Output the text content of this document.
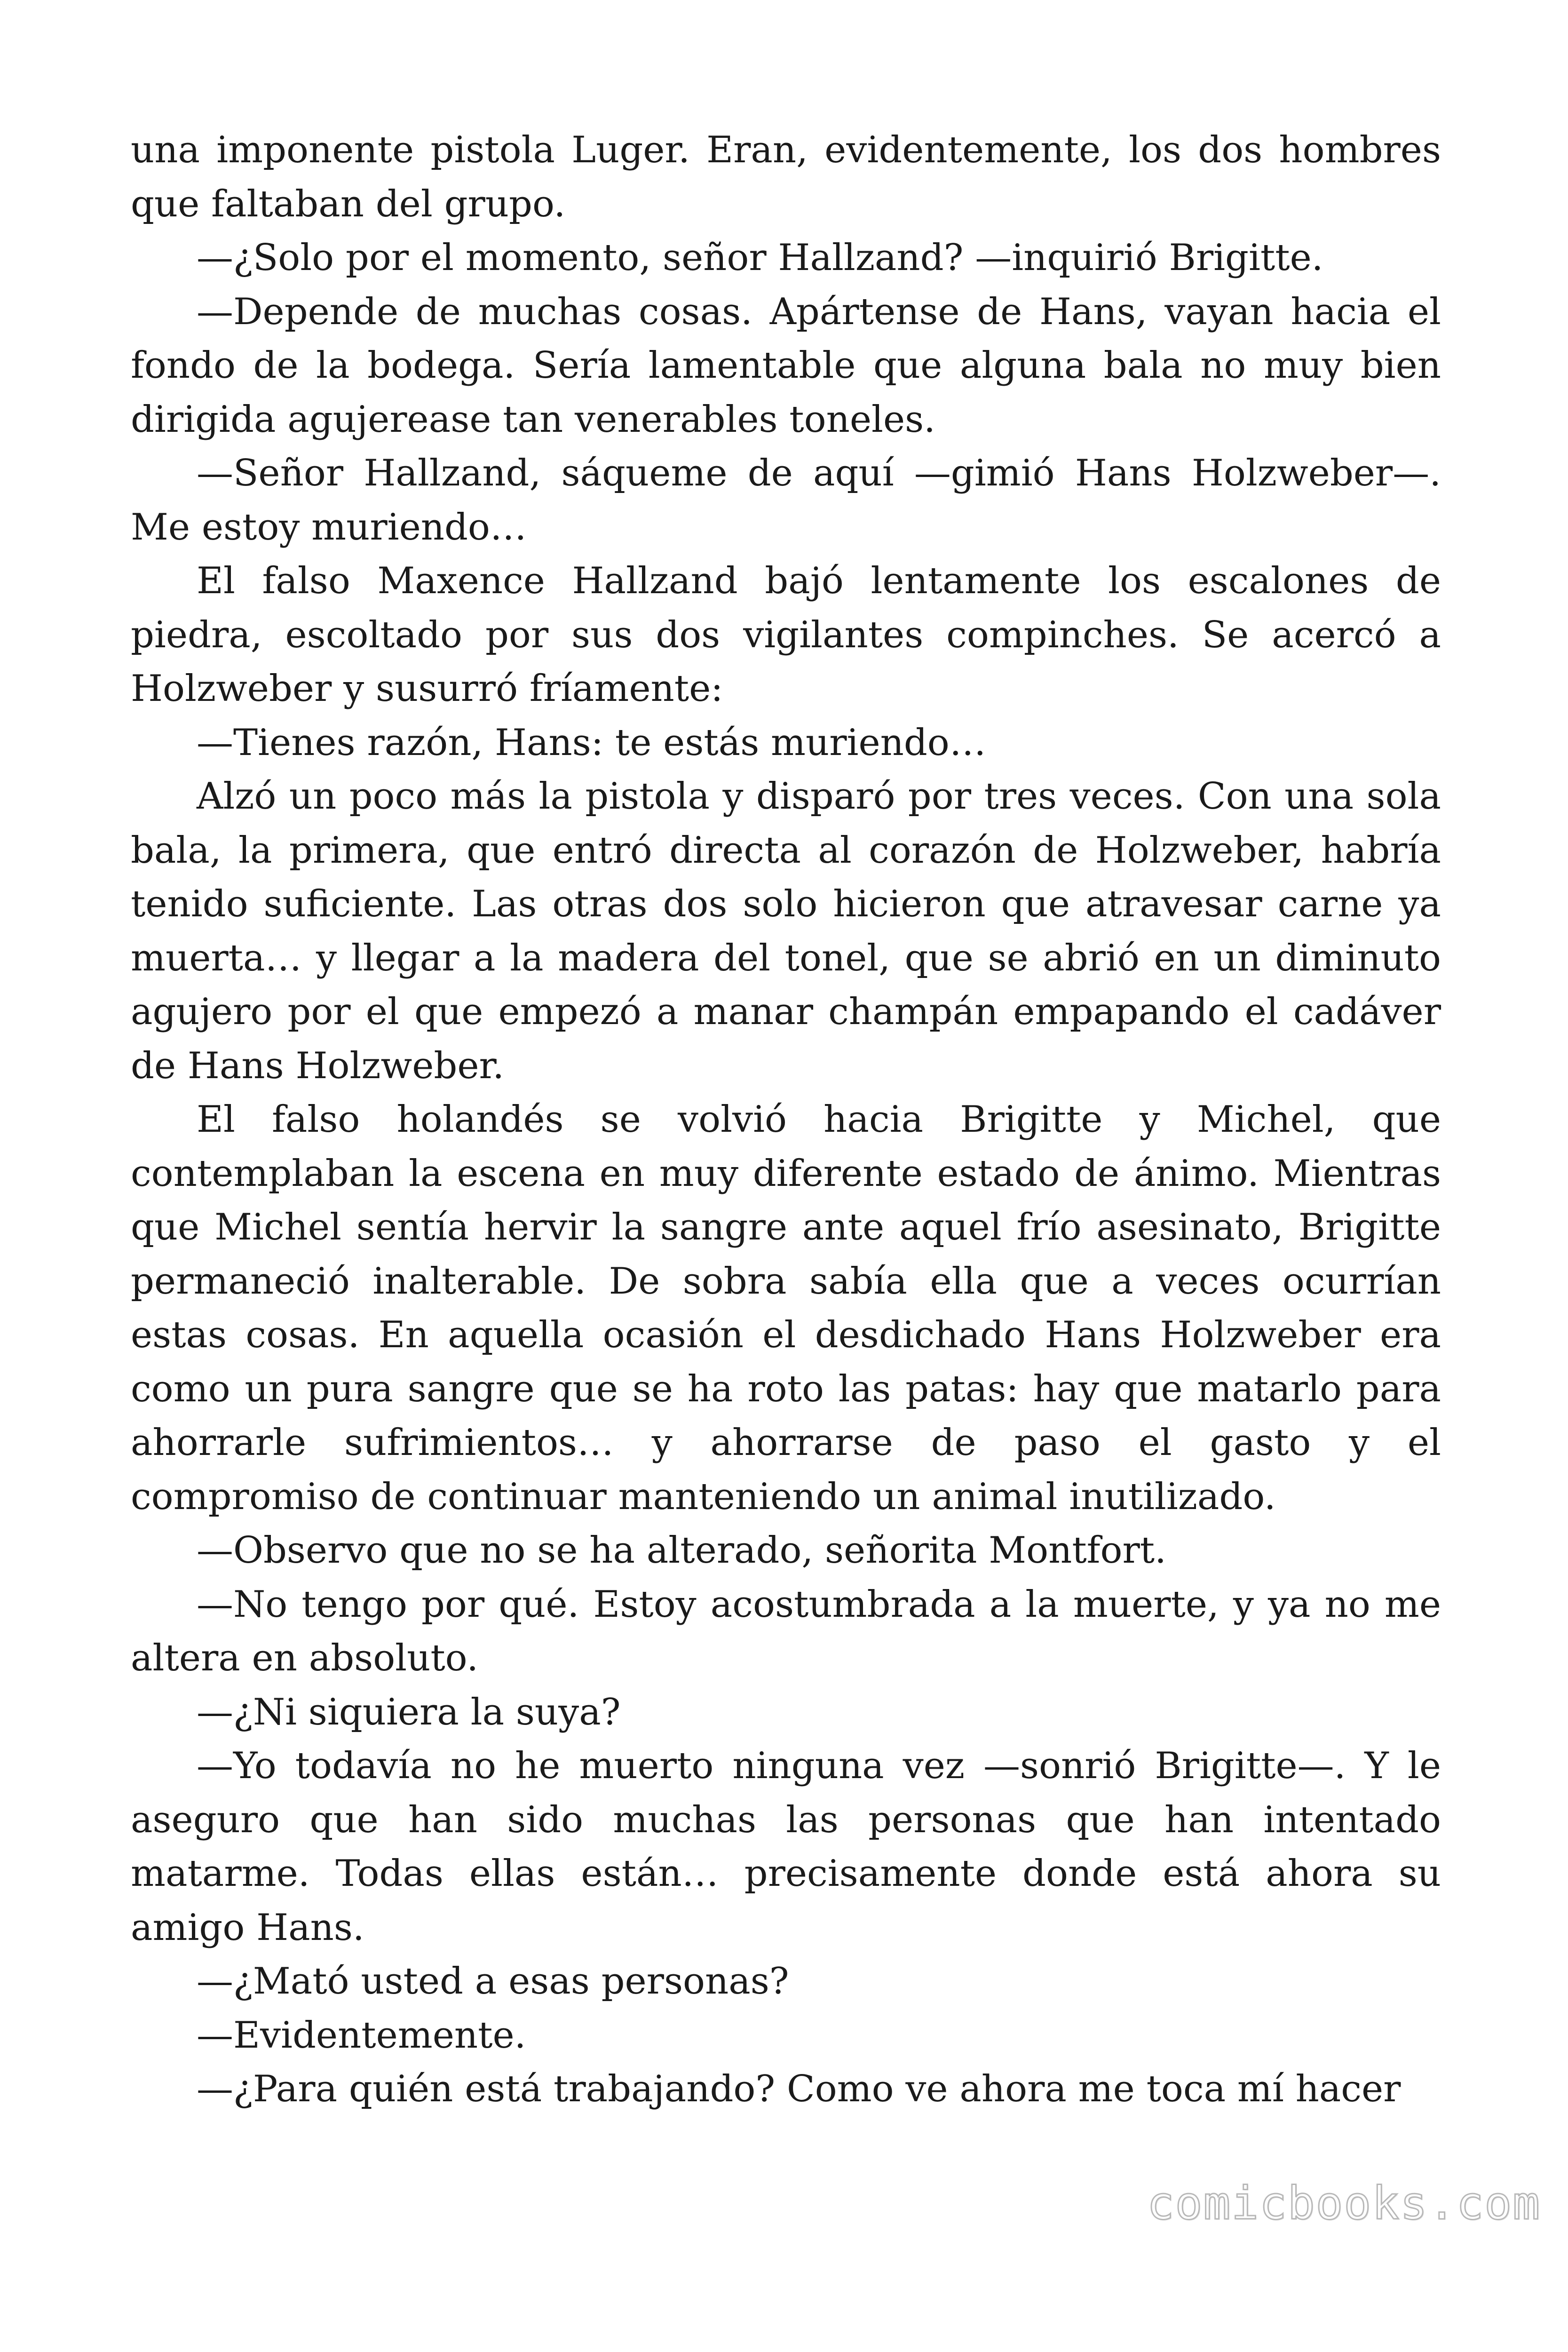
una imponente pistola Luger. Eran, evidentemente, los dos hombres que faltaban del grupo.

—¿Solo por el momento, señor Hallzand? —inquirió Brigitte.

—Depende de muchas cosas. Apártense de Hans, vayan hacia el fondo de la bodega. Sería lamentable que alguna bala no muy bien dirigida agujerease tan venerables toneles.

—Señor Hallzand, sáqueme de aquí —gimió Hans Holzweber—. Me estoy muriendo…

El falso Maxence Hallzand bajó lentamente los escalones de piedra, escoltado por sus dos vigilantes compinches. Se acercó a Holzweber y susurró fríamente:

—Tienes razón, Hans: te estás muriendo…

Alzó un poco más la pistola y disparó por tres veces. Con una sola bala, la primera, que entró directa al corazón de Holzweber, habría tenido suficiente. Las otras dos solo hicieron que atravesar carne ya muerta… y llegar a la madera del tonel, que se abrió en un diminuto agujero por el que empezó a manar champán empapando el cadáver de Hans Holzweber.

El falso holandés se volvió hacia Brigitte y Michel, que contemplaban la escena en muy diferente estado de ánimo. Mientras que Michel sentía hervir la sangre ante aquel frío asesinato, Brigitte permaneció inalterable. De sobra sabía ella que a veces ocurrían estas cosas. En aquella ocasión el desdichado Hans Holzweber era como un pura sangre que se ha roto las patas: hay que matarlo para ahorrarle sufrimientos… y ahorrarse de paso el gasto y el compromiso de continuar manteniendo un animal inutilizado.

—Observo que no se ha alterado, señorita Montfort.

—No tengo por qué. Estoy acostumbrada a la muerte, y ya no me altera en absoluto.

—¿Ni siquiera la suya?

—Yo todavía no he muerto ninguna vez —sonrió Brigitte—. Y le aseguro que han sido muchas las personas que han intentado matarme. Todas ellas están… precisamente donde está ahora su amigo Hans.

—¿Mató usted a esas personas?

—Evidentemente.

—¿Para quién está trabajando? Como ve ahora me toca mí hacer

comicbooks.com
